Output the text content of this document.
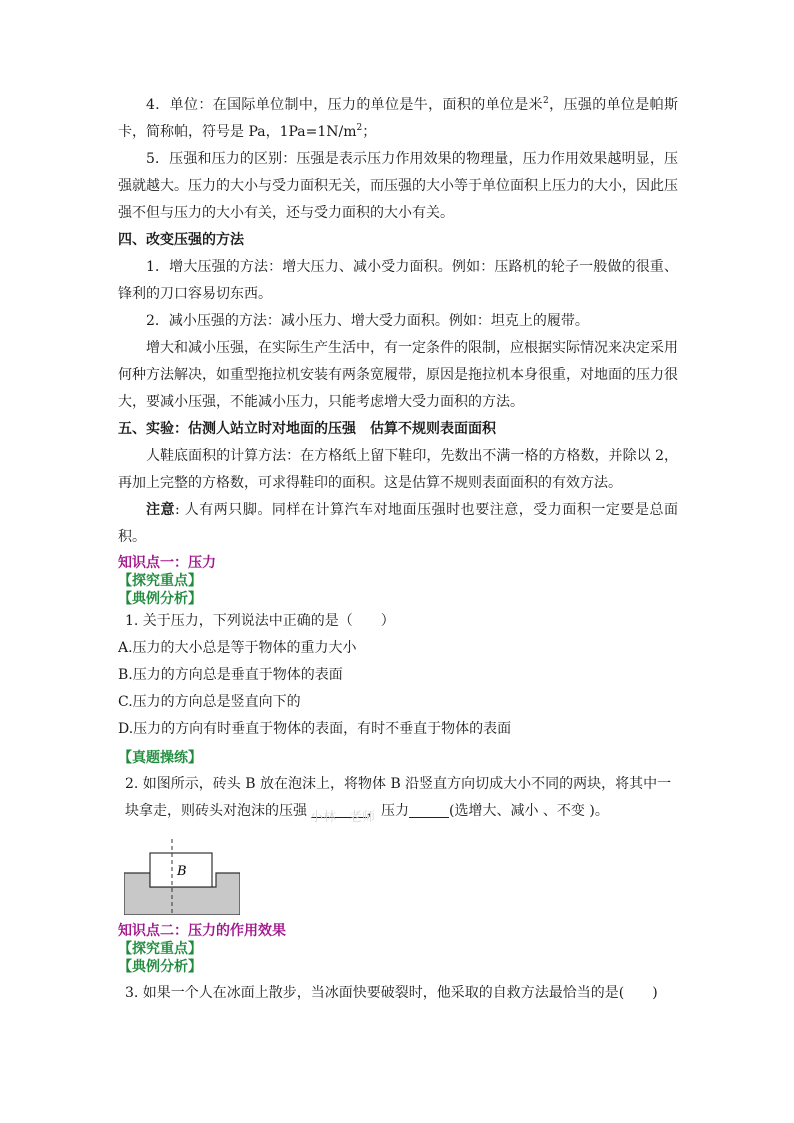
4．单位：在国际单位制中，压力的单位是牛，面积的单位是米$^2$，压强的单位是帕斯卡，简称帕，符号是 Pa，$1Pa=1N/m^2$；

5．压强和压力的区别：压强是表示压力作用效果的物理量，压力作用效果越明显，压强就越大。压力的大小与受力面积无关，而压强的大小等于单位面积上压力的大小，因此压强不但与压力的大小有关，还与受力面积的大小有关。

四、改变压强的方法

1．增大压强的方法：增大压力、减小受力面积。例如：压路机的轮子一般做的很重、锋利的刀口容易切东西。

2．减小压强的方法：减小压力、增大受力面积。例如：坦克上的履带。

增大和减小压强，在实际生产生活中，有一定条件的限制，应根据实际情况来决定采用何种方法解决，如重型拖拉机安装有两条宽履带，原因是拖拉机本身很重，对地面的压力很大，要减小压强，不能减小压力，只能考虑增大受力面积的方法。

五、实验：估测人站立时对地面的压强　估算不规则表面面积

人鞋底面积的计算方法：在方格纸上留下鞋印，先数出不满一格的方格数，并除以 2，再加上完整的方格数，可求得鞋印的面积。这是估算不规则表面面积的有效方法。

注意: 人有两只脚。同样在计算汽车对地面压强时也要注意，受力面积一定要是总面积。

知识点一：压力

【探究重点】

【典例分析】

1. 关于压力，下列说法中正确的是（　　）

A.压力的大小总是等于物体的重力大小

B.压力的方向总是垂直于物体的表面

C.压力的方向总是竖直向下的

D.压力的方向有时垂直于物体的表面，有时不垂直于物体的表面

【真题操练】

2. 如图所示，砖头 B 放在泡沫上，将物体 B 沿竖直方向切成大小不同的两块，将其中一块拿走，则砖头对泡沫的压强	，压力	(选增大、减小 、不变 )。

B

知识点二：压力的作用效果

【探究重点】

【典例分析】

3. 如果一个人在冰面上散步，当冰面快要破裂时，他采取的自救方法最恰当的是(　　)

小林　老师
